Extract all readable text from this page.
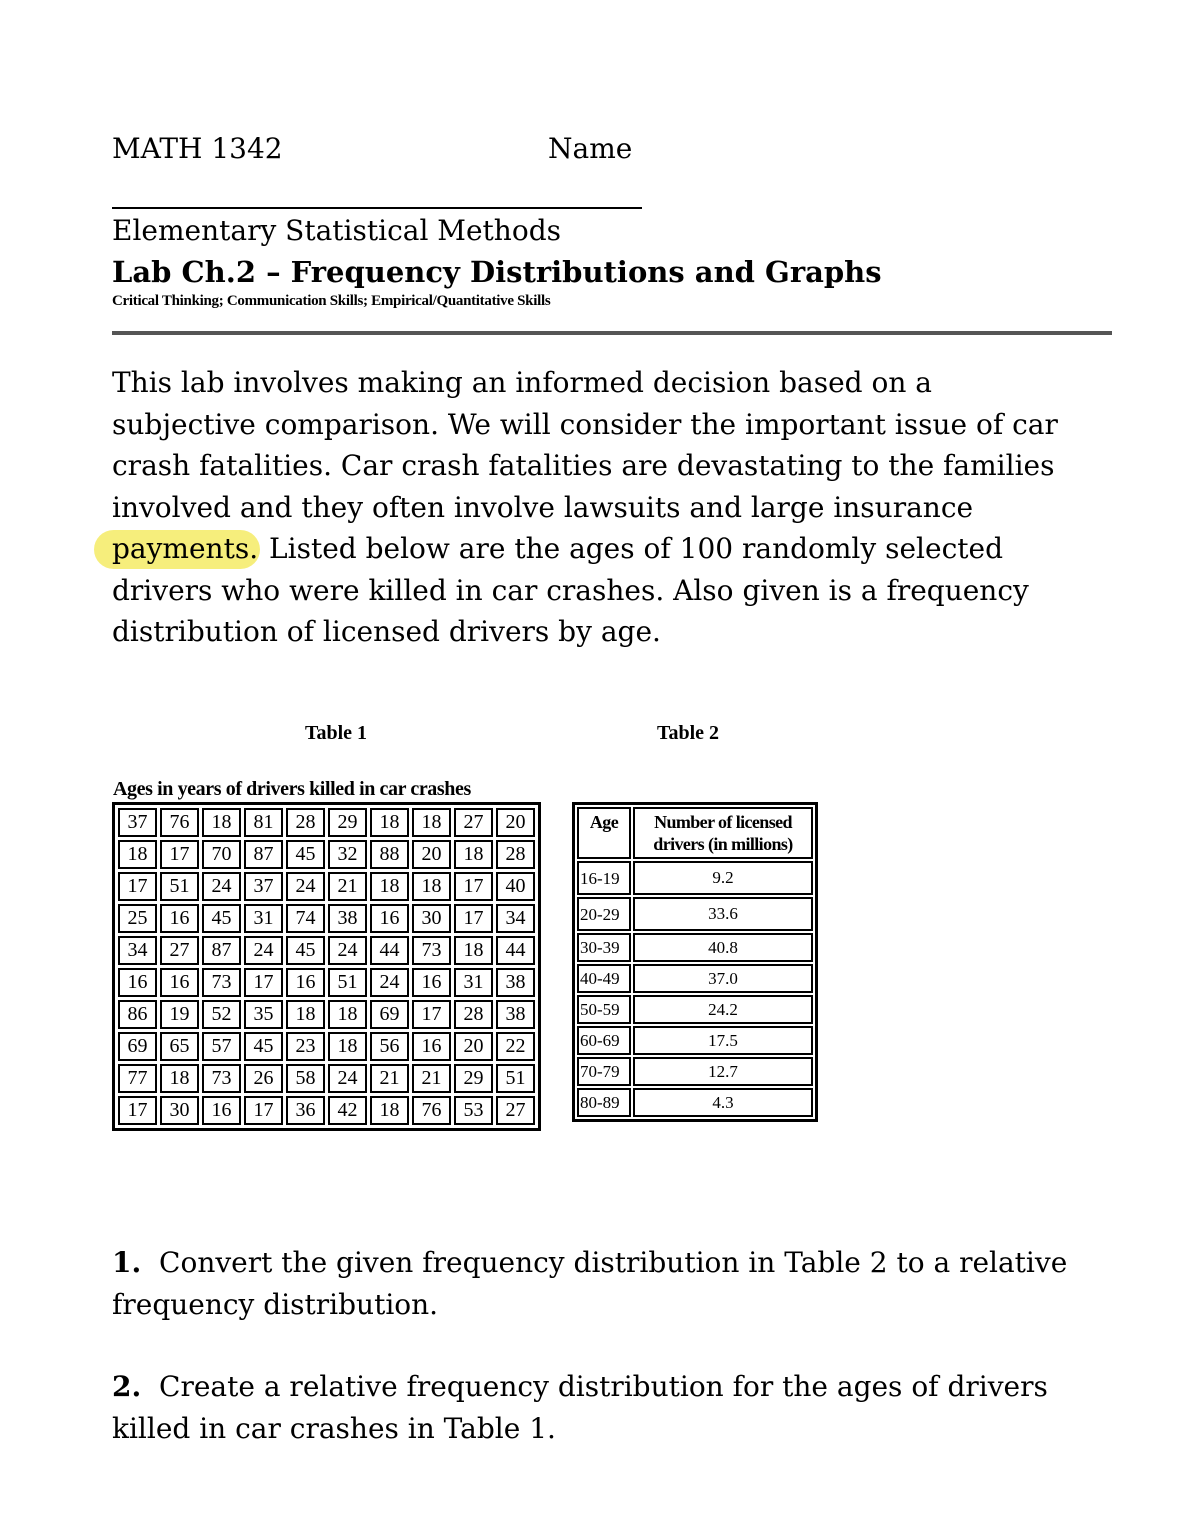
MATH 1342	Name
Elementary Statistical Methods
Lab Ch.2 – Frequency Distributions and Graphs
Critical Thinking; Communication Skills; Empirical/Quantitative Skills
This lab involves making an informed decision based on a subjective comparison. We will consider the important issue of car crash fatalities. Car crash fatalities are devastating to the families involved and they often involve lawsuits and large insurance payments. Listed below are the ages of 100 randomly selected drivers who were killed in car crashes. Also given is a frequency distribution of licensed drivers by age.
Table 1	Table 2
Ages in years of drivers killed in car crashes
37	76	18	81	28	29	18	18	27	20
18	17	70	87	45	32	88	20	18	28
17	51	24	37	24	21	18	18	17	40
25	16	45	31	74	38	16	30	17	34
34	27	87	24	45	24	44	73	18	44
16	16	73	17	16	51	24	16	31	38
86	19	52	35	18	18	69	17	28	38
69	65	57	45	23	18	56	16	20	22
77	18	73	26	58	24	21	21	29	51
17	30	16	17	36	42	18	76	53	27
Age	Number of licensed drivers (in millions)
16-19	9.2
20-29	33.6
30-39	40.8
40-49	37.0
50-59	24.2
60-69	17.5
70-79	12.7
80-89	4.3
1. Convert the given frequency distribution in Table 2 to a relative frequency distribution.
2. Create a relative frequency distribution for the ages of drivers killed in car crashes in Table 1.
